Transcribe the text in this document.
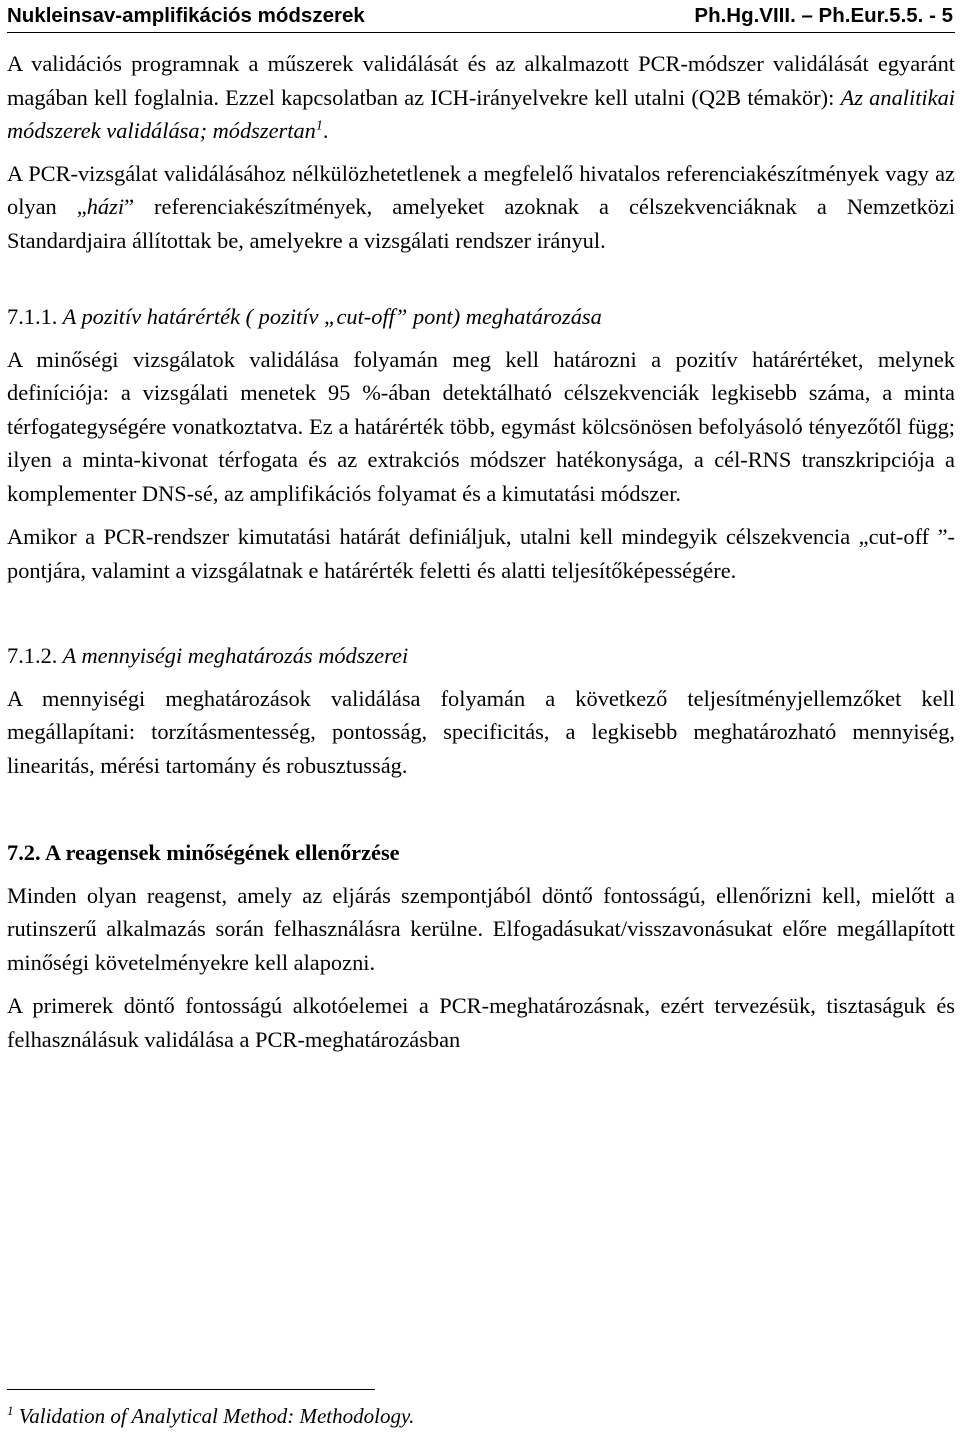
Nukleinsav-amplifikációs módszerek	Ph.Hg.VIII. – Ph.Eur.5.5. - 5

A validációs programnak a műszerek validálását és az alkalmazott PCR-módszer validálását egyaránt magában kell foglalnia. Ezzel kapcsolatban az ICH-irányelvekre kell utalni (Q2B témakör): Az analitikai módszerek validálása; módszertan$^1$.

A PCR-vizsgálat validálásához nélkülözhetetlenek a megfelelő hivatalos referenciakészítmények vagy az olyan „házi” referenciakészítmények, amelyeket azoknak a célszekvenciáknak a Nemzetközi Standardjaira állítottak be, amelyekre a vizsgálati rendszer irányul.

7.1.1. A pozitív határérték ( pozitív „cut-off” pont) meghatározása

A minőségi vizsgálatok validálása folyamán meg kell határozni a pozitív határértéket, melynek definíciója: a vizsgálati menetek 95 %-ában detektálható célszekvenciák legkisebb száma, a minta térfogategységére vonatkoztatva. Ez a határérték több, egymást kölcsönösen befolyásoló tényezőtől függ; ilyen a minta-kivonat térfogata és az extrakciós módszer hatékonysága, a cél-RNS transzkripciója a komplementer DNS-sé, az amplifikációs folyamat és a kimutatási módszer.

Amikor a PCR-rendszer kimutatási határát definiáljuk, utalni kell mindegyik célszekvencia „cut-off ”-pontjára, valamint a vizsgálatnak e határérték feletti és alatti teljesítőképességére.

7.1.2. A mennyiségi meghatározás módszerei

A mennyiségi meghatározások validálása folyamán a következő teljesítményjellemzőket kell megállapítani: torzításmentesség, pontosság, specificitás, a legkisebb meghatározható mennyiség, linearitás, mérési tartomány és robusztusság.

7.2. A reagensek minőségének ellenőrzése

Minden olyan reagenst, amely az eljárás szempontjából döntő fontosságú, ellenőrizni kell, mielőtt a rutinszerű alkalmazás során felhasználásra kerülne. Elfogadásukat/visszavonásukat előre megállapított minőségi követelményekre kell alapozni.

A primerek döntő fontosságú alkotóelemei a PCR-meghatározásnak, ezért tervezésük, tisztaságuk és felhasználásuk validálása a PCR-meghatározásban

$^1$ Validation of Analytical Method: Methodology.
